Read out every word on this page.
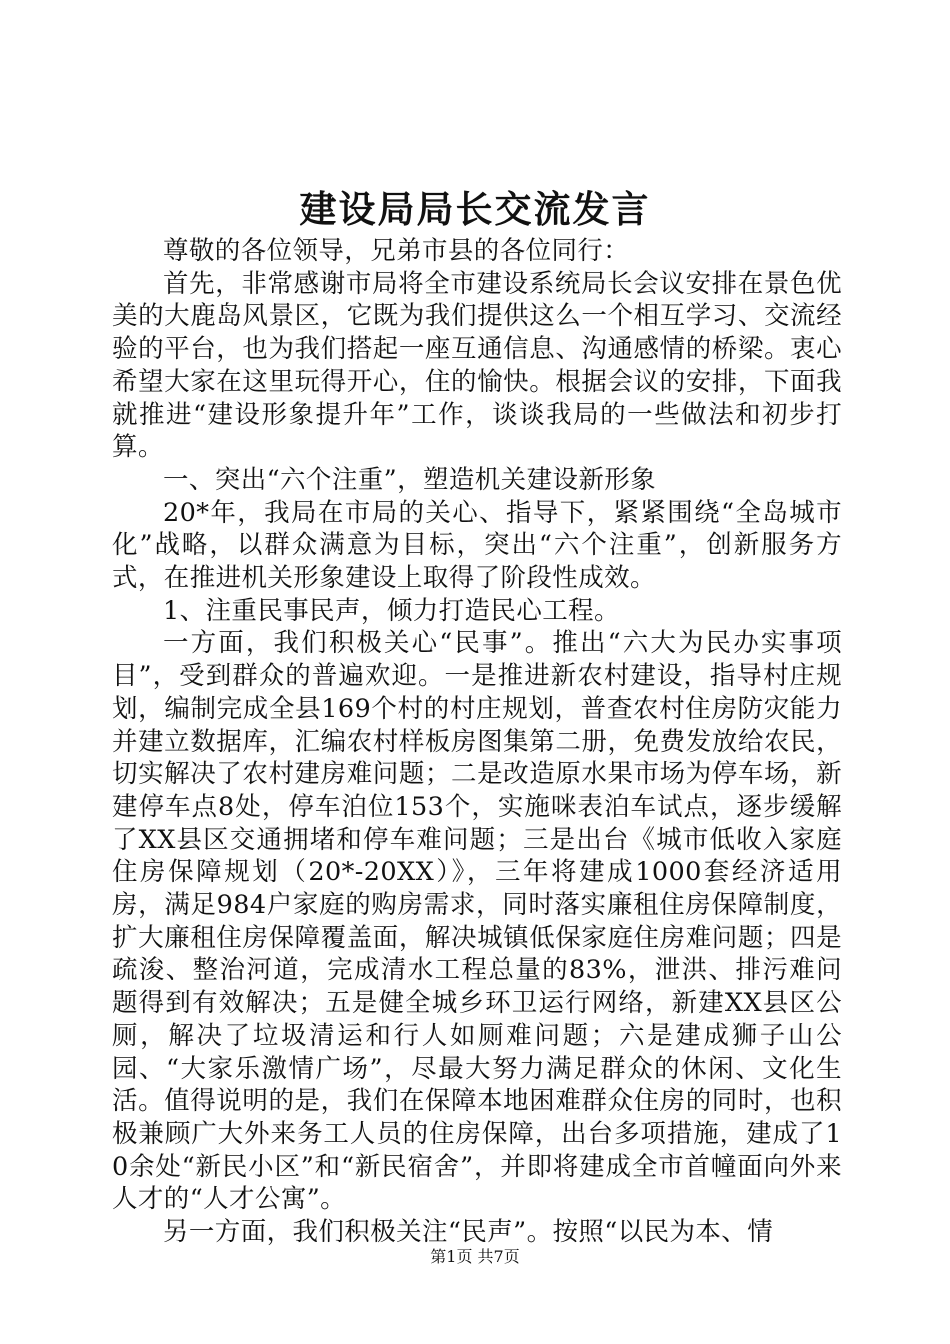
建设局局长交流发言

尊敬的各位领导，兄弟市县的各位同行：

首先，非常感谢市局将全市建设系统局长会议安排在景色优美的大鹿岛风景区，它既为我们提供这么一个相互学习、交流经验的平台，也为我们搭起一座互通信息、沟通感情的桥梁。衷心希望大家在这里玩得开心，住的愉快。根据会议的安排，下面我就推进“建设形象提升年”工作，谈谈我局的一些做法和初步打算。

一、突出“六个注重”，塑造机关建设新形象

20*年，我局在市局的关心、指导下，紧紧围绕“全岛城市化”战略，以群众满意为目标，突出“六个注重”，创新服务方式，在推进机关形象建设上取得了阶段性成效。

1、注重民事民声，倾力打造民心工程。

一方面，我们积极关心“民事”。推出“六大为民办实事项目”，受到群众的普遍欢迎。一是推进新农村建设，指导村庄规划，编制完成全县169个村的村庄规划，普查农村住房防灾能力并建立数据库，汇编农村样板房图集第二册，免费发放给农民，切实解决了农村建房难问题；二是改造原水果市场为停车场，新建停车点8处，停车泊位153个，实施咪表泊车试点，逐步缓解了XX县区交通拥堵和停车难问题；三是出台《城市低收入家庭住房保障规划（20*-20XX）》，三年将建成1000套经济适用房，满足984户家庭的购房需求，同时落实廉租住房保障制度，扩大廉租住房保障覆盖面，解决城镇低保家庭住房难问题；四是疏浚、整治河道，完成清水工程总量的83%，泄洪、排污难问题得到有效解决；五是健全城乡环卫运行网络，新建XX县区公厕，解决了垃圾清运和行人如厕难问题；六是建成狮子山公园、“大家乐激情广场”，尽最大努力满足群众的休闲、文化生活。值得说明的是，我们在保障本地困难群众住房的同时，也积极兼顾广大外来务工人员的住房保障，出台多项措施，建成了10余处“新民小区”和“新民宿舍”，并即将建成全市首幢面向外来人才的“人才公寓”。

另一方面，我们积极关注“民声”。按照“以民为本、情

第1页 共7页
